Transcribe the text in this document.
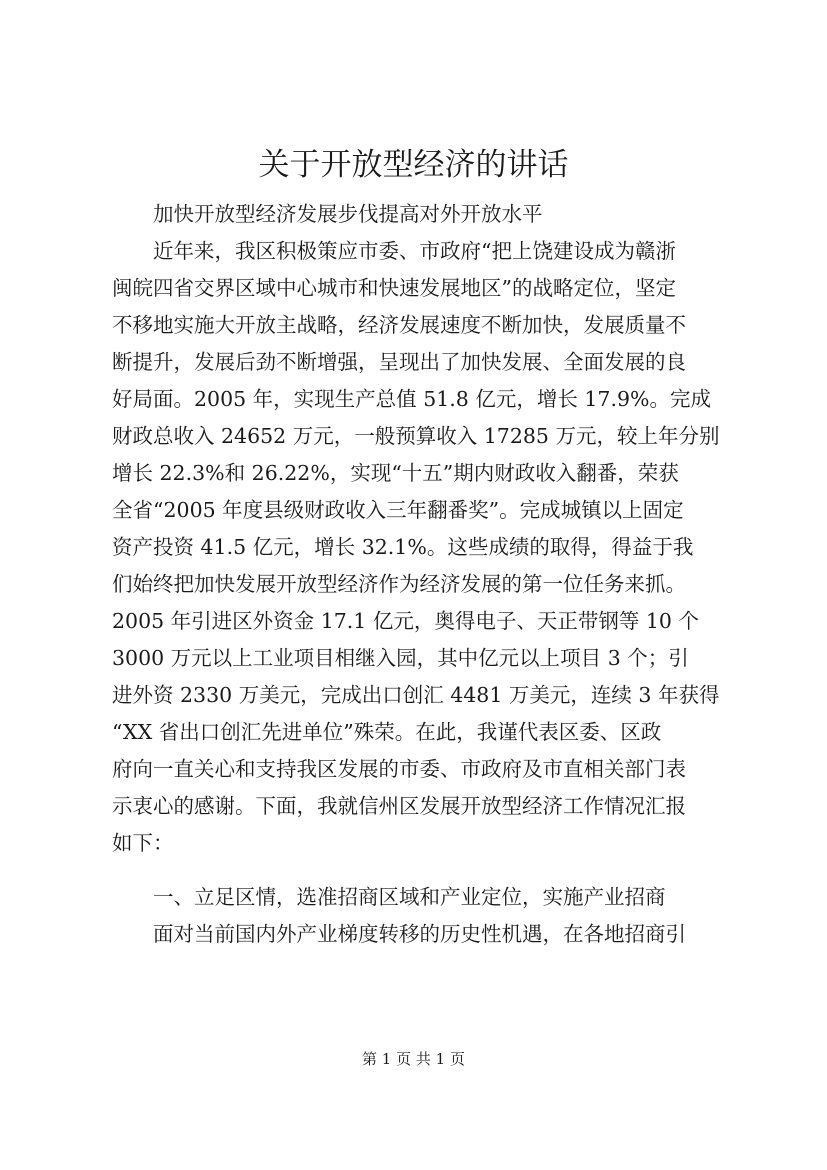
关于开放型经济的讲话
加快开放型经济发展步伐提高对外开放水平
近年来，我区积极策应市委、市政府“把上饶建设成为赣浙
闽皖四省交界区域中心城市和快速发展地区”的战略定位，坚定
不移地实施大开放主战略，经济发展速度不断加快，发展质量不
断提升，发展后劲不断增强，呈现出了加快发展、全面发展的良
好局面。2005 年，实现生产总值 51.8 亿元，增长 17.9%。完成
财政总收入 24652 万元，一般预算收入 17285 万元，较上年分别
增长 22.3%和 26.22%，实现“十五”期内财政收入翻番，荣获
全省“2005 年度县级财政收入三年翻番奖”。完成城镇以上固定
资产投资 41.5 亿元，增长 32.1%。这些成绩的取得，得益于我
们始终把加快发展开放型经济作为经济发展的第一位任务来抓。
2005 年引进区外资金 17.1 亿元，奥得电子、天正带钢等 10 个
3000 万元以上工业项目相继入园，其中亿元以上项目 3 个；引
进外资 2330 万美元，完成出口创汇 4481 万美元，连续 3 年获得
“XX 省出口创汇先进单位”殊荣。在此，我谨代表区委、区政
府向一直关心和支持我区发展的市委、市政府及市直相关部门表
示衷心的感谢。下面，我就信州区发展开放型经济工作情况汇报
如下：
一、立足区情，选准招商区域和产业定位，实施产业招商
面对当前国内外产业梯度转移的历史性机遇，在各地招商引
第 1 页 共 1 页
